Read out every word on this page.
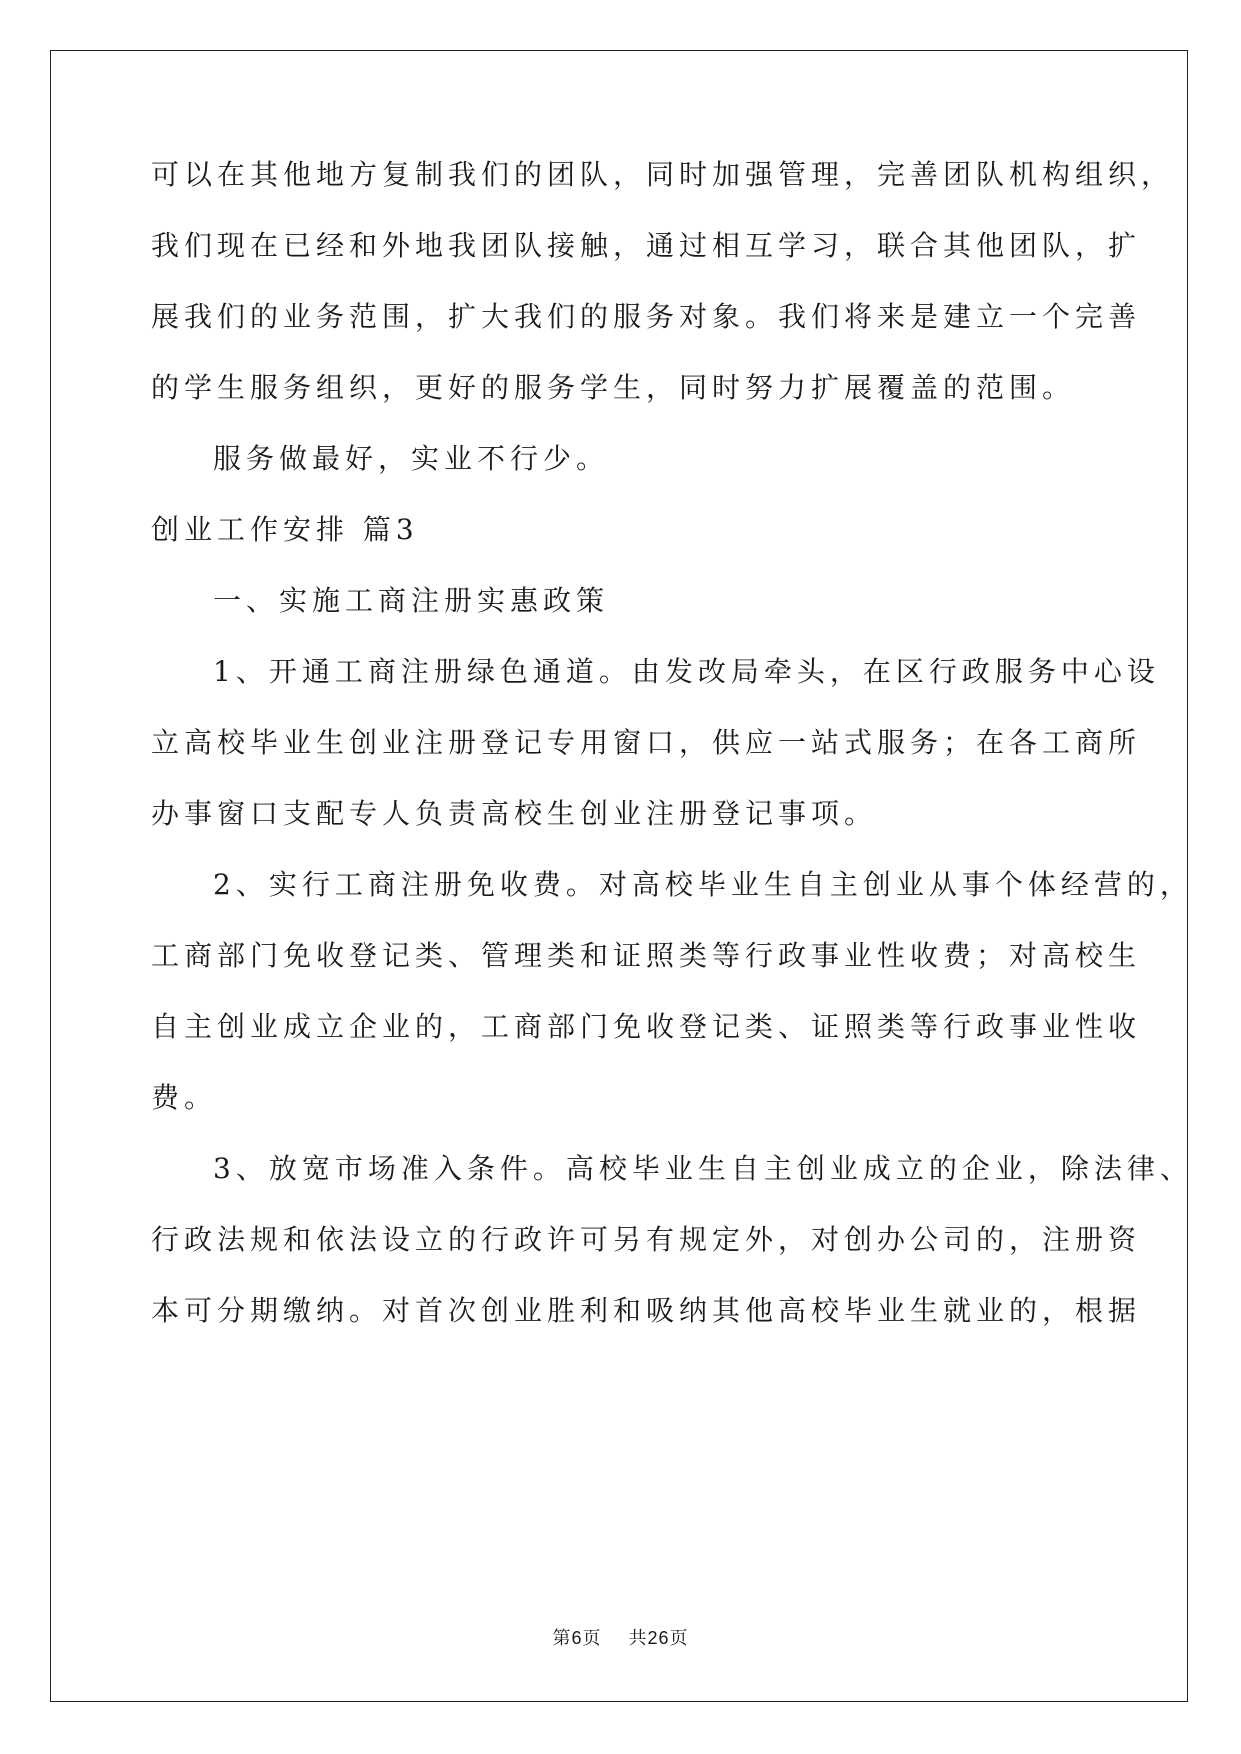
可以在其他地方复制我们的团队，同时加强管理，完善团队机构组织，

我们现在已经和外地我团队接触，通过相互学习，联合其他团队，扩

展我们的业务范围，扩大我们的服务对象。我们将来是建立一个完善

的学生服务组织，更好的服务学生，同时努力扩展覆盖的范围。

服务做最好，实业不行少。

创业工作安排 篇3

一、实施工商注册实惠政策

1、开通工商注册绿色通道。由发改局牵头，在区行政服务中心设

立高校毕业生创业注册登记专用窗口，供应一站式服务；在各工商所

办事窗口支配专人负责高校生创业注册登记事项。

2、实行工商注册免收费。对高校毕业生自主创业从事个体经营的，

工商部门免收登记类、管理类和证照类等行政事业性收费；对高校生

自主创业成立企业的，工商部门免收登记类、证照类等行政事业性收

费。

3、放宽市场准入条件。高校毕业生自主创业成立的企业，除法律、

行政法规和依法设立的行政许可另有规定外，对创办公司的，注册资

本可分期缴纳。对首次创业胜利和吸纳其他高校毕业生就业的，根据

第6页 共26页
